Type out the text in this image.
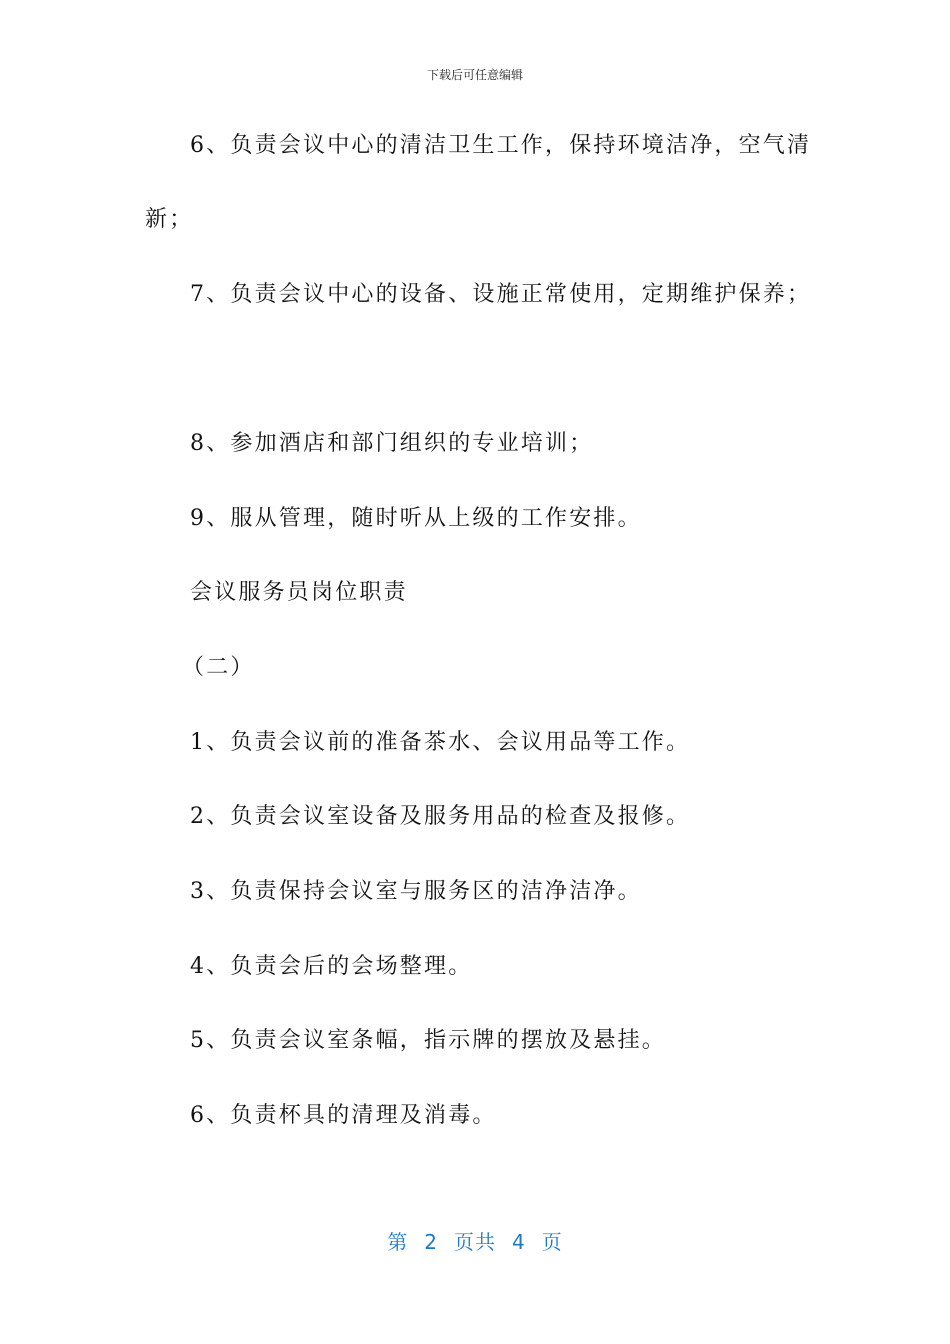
下载后可任意编辑
6、负责会议中心的清洁卫生工作，保持环境洁净，空气清
新；
7、负责会议中心的设备、设施正常使用，定期维护保养；
8、参加酒店和部门组织的专业培训；
9、服从管理，随时听从上级的工作安排。
会议服务员岗位职责
（二）
1、负责会议前的准备茶水、会议用品等工作。
2、负责会议室设备及服务用品的检查及报修。
3、负责保持会议室与服务区的洁净洁净。
4、负责会后的会场整理。
5、负责会议室条幅，指示牌的摆放及悬挂。
6、负责杯具的清理及消毒。
第 2 页共 4 页
